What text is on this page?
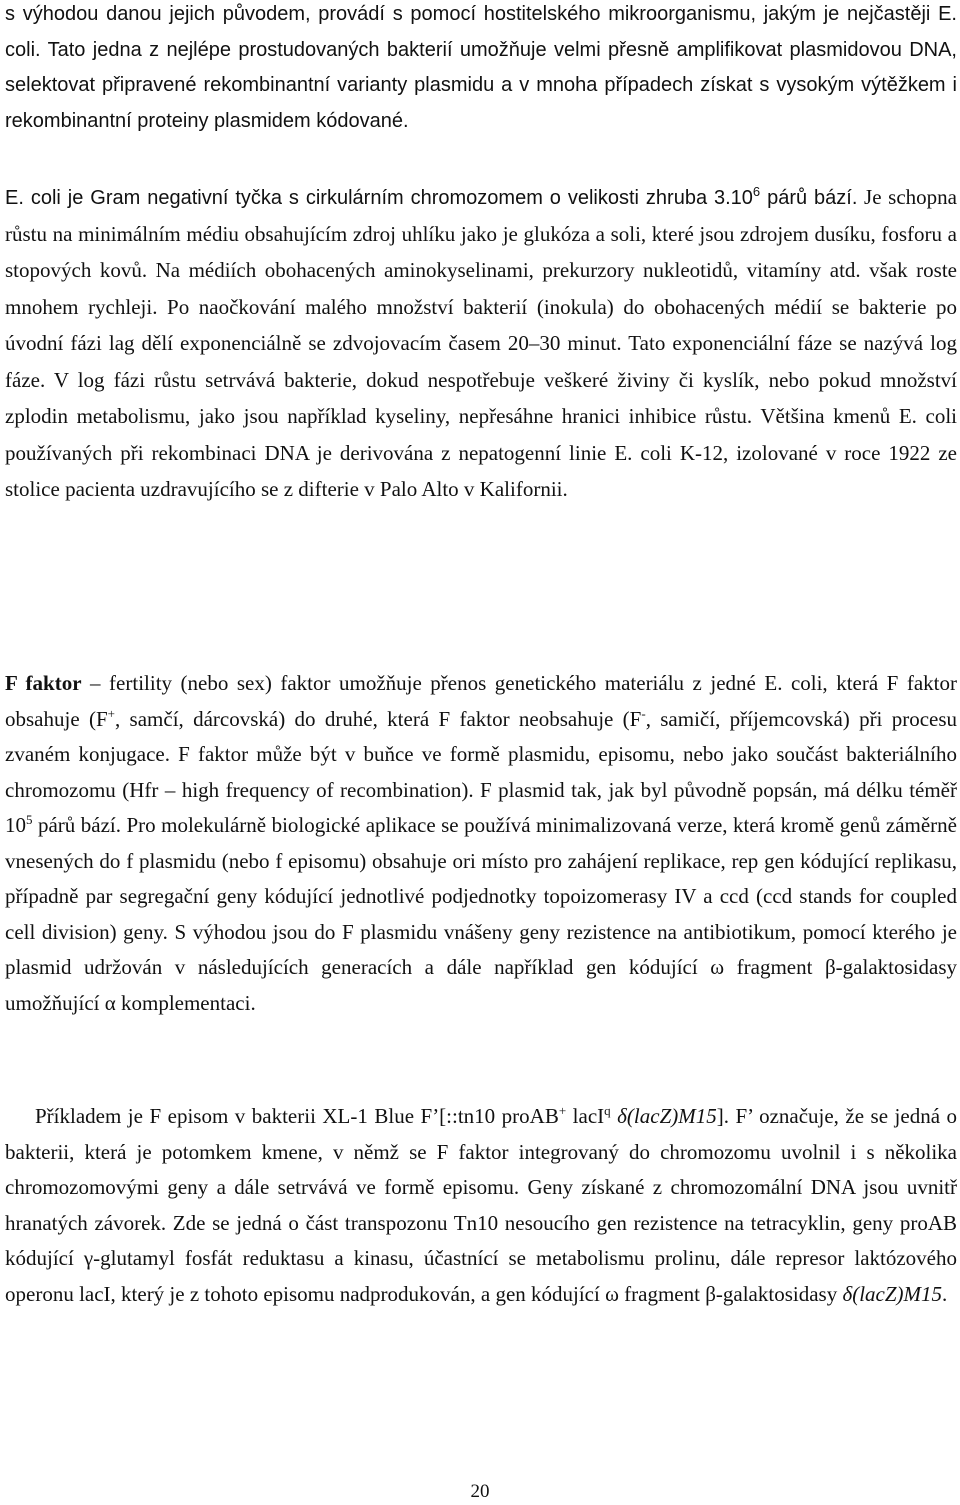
s výhodou danou jejich původem, provádí s pomocí hostitelského mikroorganismu, jakým je nejčastěji E. coli. Tato jedna z nejlépe prostudovaných bakterií umožňuje velmi přesně amplifikovat plasmidovou DNA, selektovat připravené rekombinantní varianty plasmidu a v mnoha případech získat s vysokým výtěžkem i rekombinantní proteiny plasmidem kódované.

E. coli je Gram negativní tyčka s cirkulárním chromozomem o velikosti zhruba 3.10$^6$ párů bází. Je schopna růstu na minimálním médiu obsahujícím zdroj uhlíku jako je glukóza a soli, které jsou zdrojem dusíku, fosforu a stopových kovů. Na médiích obohacených aminokyselinami, prekurzory nukleotidů, vitamíny atd. však roste mnohem rychleji. Po naočkování malého množství bakterií (inokula) do obohacených médií se bakterie po úvodní fázi lag dělí exponenciálně se zdvojovacím časem 20–30 minut. Tato exponenciální fáze se nazývá log fáze. V log fázi růstu setrvává bakterie, dokud nespotřebuje veškeré živiny či kyslík, nebo pokud množství zplodin metabolismu, jako jsou například kyseliny, nepřesáhne hranici inhibice růstu. Většina kmenů E. coli používaných při rekombinaci DNA je derivována z nepatogenní linie E. coli K-12, izolované v roce 1922 ze stolice pacienta uzdravujícího se z difterie v Palo Alto v Kalifornii.

F faktor – fertility (nebo sex) faktor umožňuje přenos genetického materiálu z jedné E. coli, která F faktor obsahuje (F+, samčí, dárcovská) do druhé, která F faktor neobsahuje (F-, samičí, příjemcovská) při procesu zvaném konjugace. F faktor může být v buňce ve formě plasmidu, episomu, nebo jako součást bakteriálního chromozomu (Hfr – high frequency of recombination). F plasmid tak, jak byl původně popsán, má délku téměř $10^5$ párů bází. Pro molekulárně biologické aplikace se používá minimalizovaná verze, která kromě genů záměrně vnesených do f plasmidu (nebo f episomu) obsahuje ori místo pro zahájení replikace, rep gen kódující replikasu, případně par segregační geny kódující jednotlivé podjednotky topoizomerasy IV a ccd (ccd stands for coupled cell division) geny. S výhodou jsou do F plasmidu vnášeny geny rezistence na antibiotikum, pomocí kterého je plasmid udržován v následujících generacích a dále například gen kódující ω fragment β-galaktosidasy umožňující α komplementaci.

Příkladem je F episom v bakterii XL-1 Blue F’[::tn10 proAB+ lacI$^q$ δ(lacZ)M15]. F’ označuje, že se jedná o bakterii, která je potomkem kmene, v němž se F faktor integrovaný do chromozomu uvolnil i s několika chromozomovými geny a dále setrvává ve formě episomu. Geny získané z chromozomální DNA jsou uvnitř hranatých závorek. Zde se jedná o část transpozonu Tn10 nesoucího gen rezistence na tetracyklin, geny proAB kódující γ-glutamyl fosfát reduktasu a kinasu, účastnící se metabolismu prolinu, dále represor laktózového operonu lacI, který je z tohoto episomu nadprodukován, a gen kódující ω fragment β-galaktosidasy δ(lacZ)M15.

20
